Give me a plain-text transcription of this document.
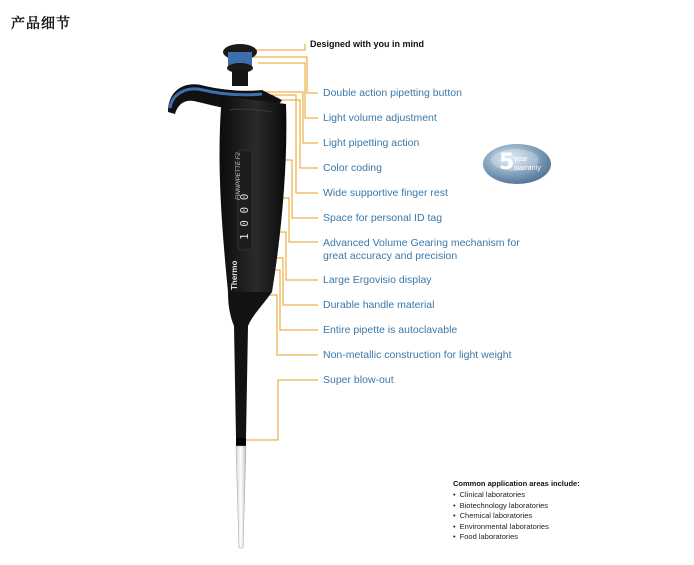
产品细节
1 0 0 0
FINNPIPETTE F2
Thermo
Designed with you in mind
Double action pipetting button
Light volume adjustment
Light pipetting action
Color coding
Wide supportive finger rest
Space for personal ID tag
Advanced Volume Gearing mechanism for
great accuracy and precision
Large Ergovisio display
Durable handle material
Entire pipette is autoclavable
Non-metallic construction for light weight
Super blow-out
5 year
warranty
Common application areas include:
• Clinical laboratories
• Biotechnology laboratories
• Chemical laboratories
• Environmental laboratories
• Food laboratories
